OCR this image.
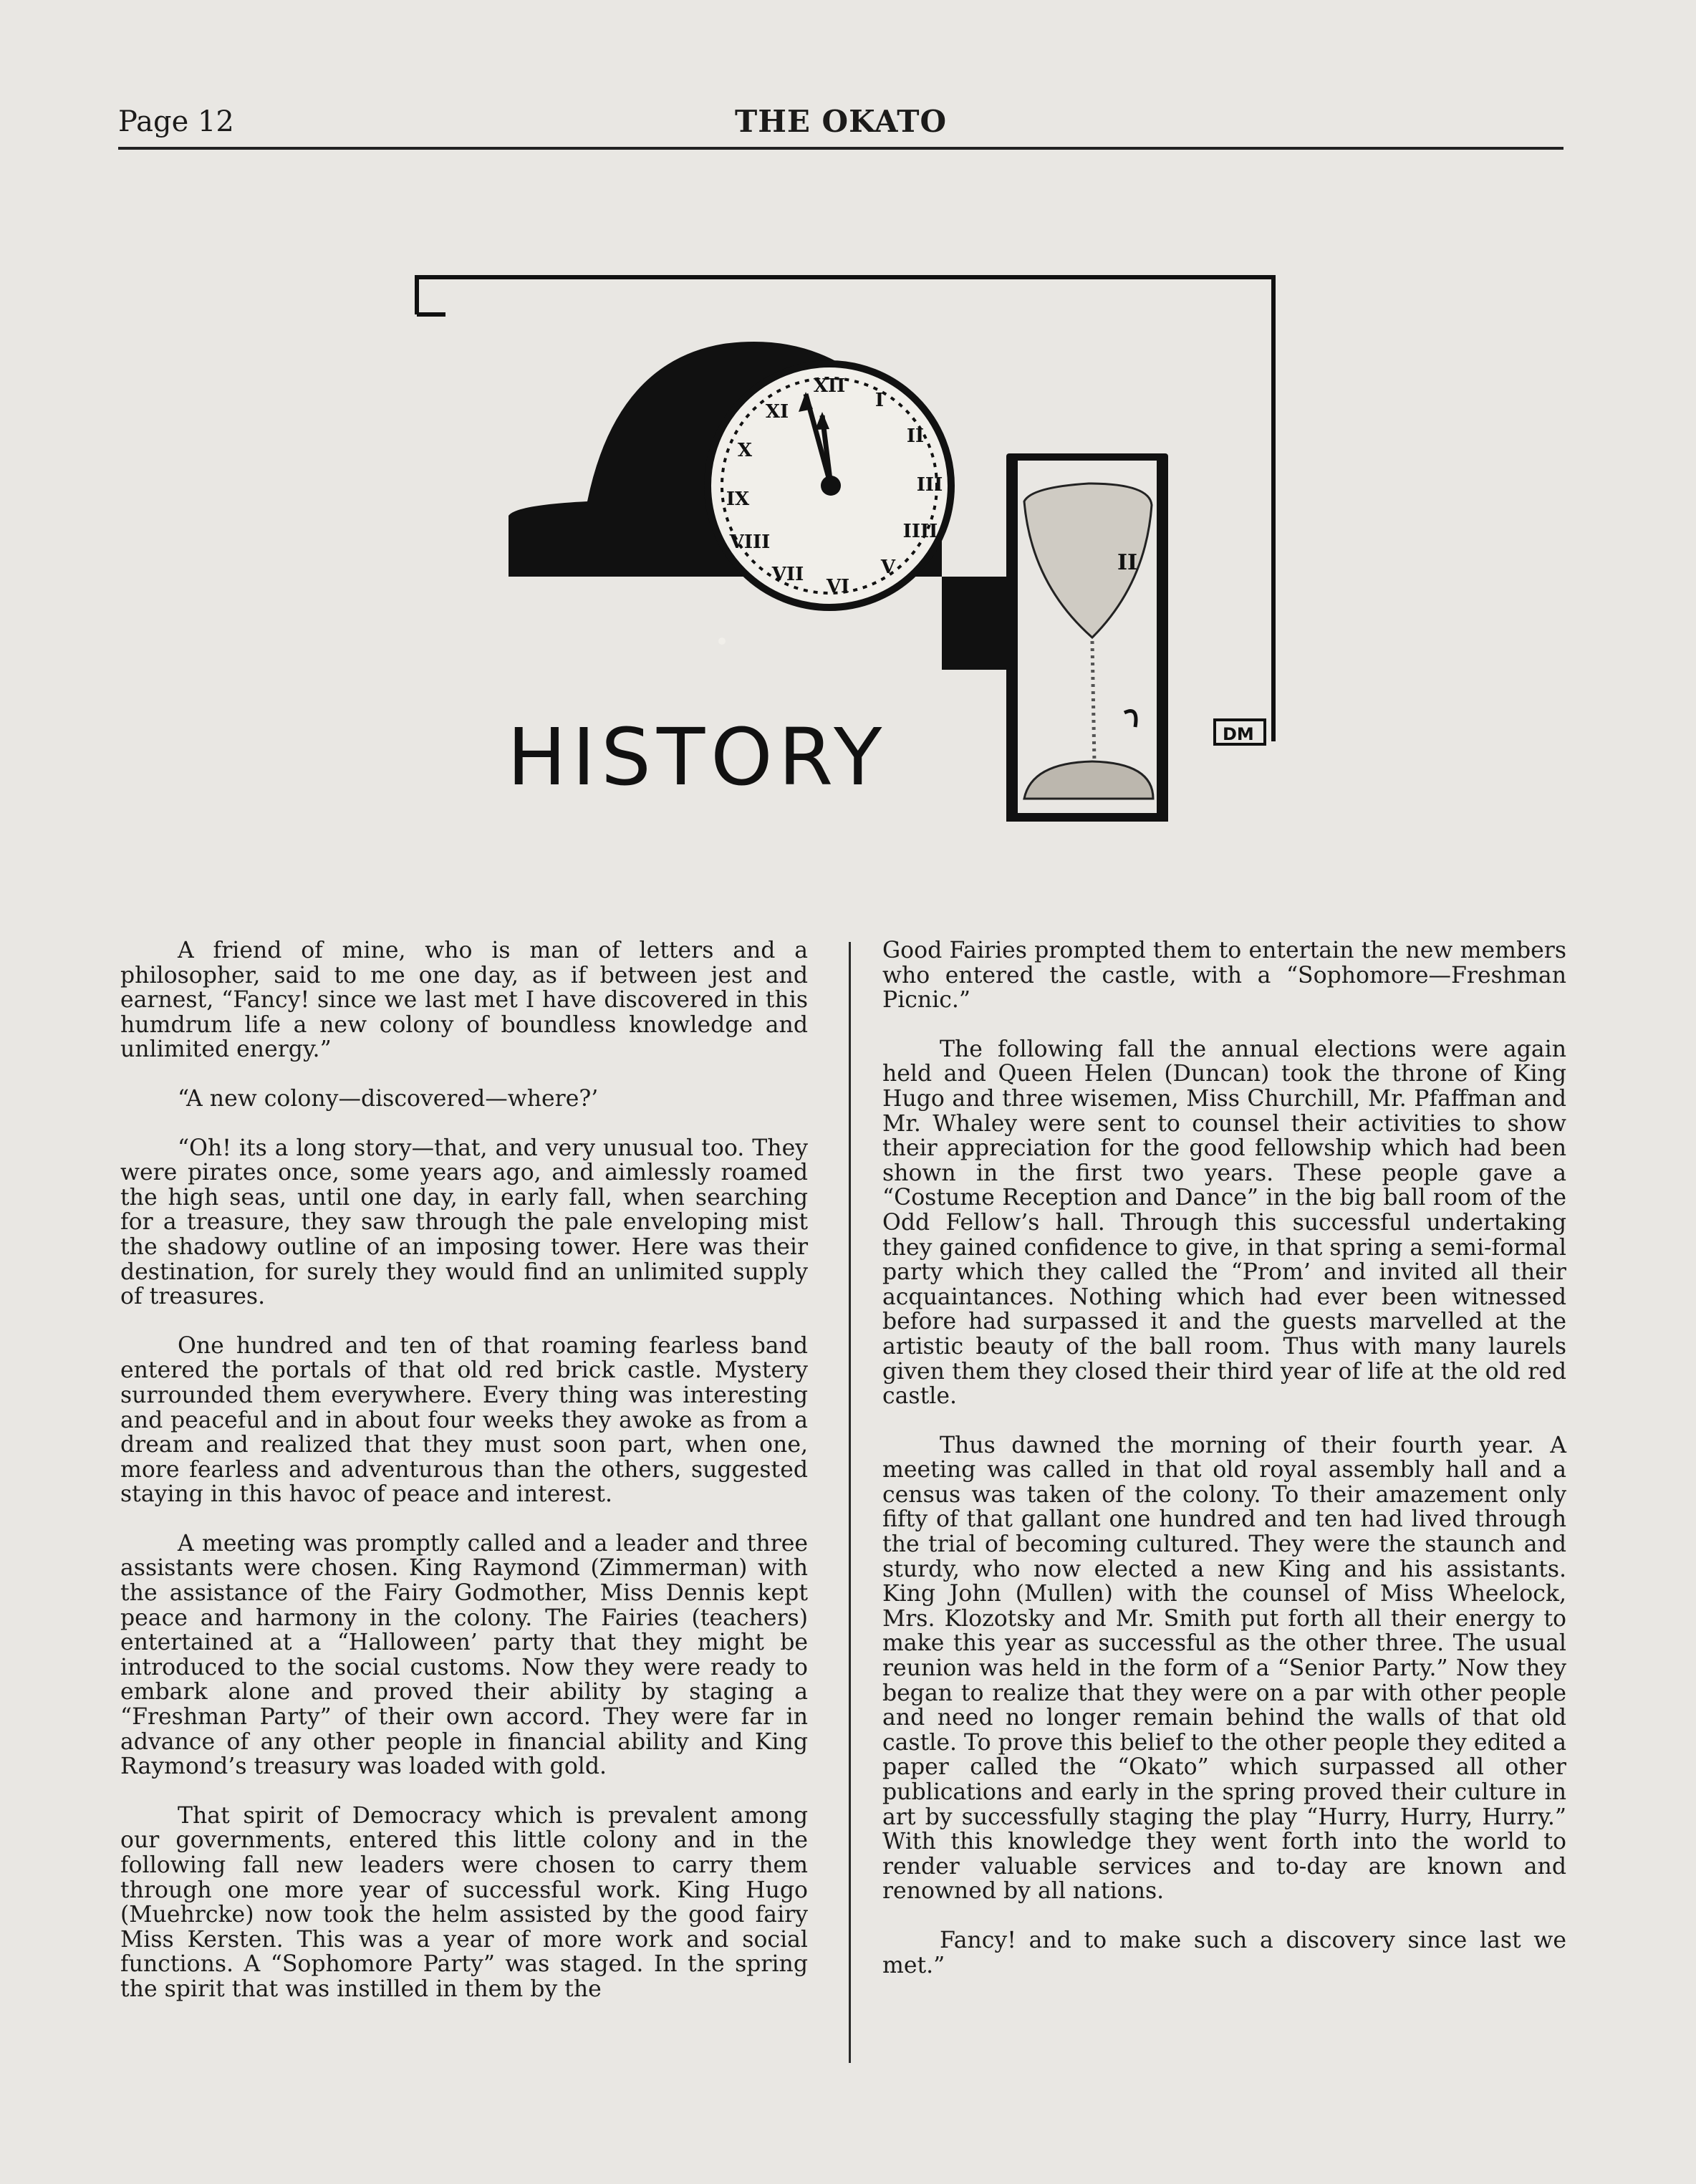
Page 12	THE OKATO
XII
I
II
III
IIII
V
VI
VII
VIII
IX
X
XI
II
HISTORY	DM

A friend of mine, who is man of letters and a philosopher, said to me one day, as if between jest and earnest, “Fancy! since we last met I have discovered in this humdrum life a new colony of boundless knowledge and unlimited energy.”

“A new colony—discovered—where?’

“Oh! its a long story—that, and very unusual too. They were pirates once, some years ago, and aimlessly roamed the high seas, until one day, in early fall, when searching for a treasure, they saw through the pale enveloping mist the shadowy outline of an imposing tower. Here was their destination, for surely they would find an unlimited supply of treasures.

One hundred and ten of that roaming fearless band entered the portals of that old red brick castle. Mystery surrounded them everywhere. Every thing was interesting and peaceful and in about four weeks they awoke as from a dream and realized that they must soon part, when one, more fearless and adventurous than the others, suggested staying in this havoc of peace and interest.

A meeting was promptly called and a leader and three assistants were chosen. King Raymond (Zimmerman) with the assistance of the Fairy Godmother, Miss Dennis kept peace and harmony in the colony. The Fairies (teachers) entertained at a “Halloween’ party that they might be introduced to the social customs. Now they were ready to embark alone and proved their ability by staging a “Freshman Party” of their own accord. They were far in advance of any other people in financial ability and King Raymond’s treasury was loaded with gold.

That spirit of Democracy which is prevalent among our governments, entered this little colony and in the following fall new leaders were chosen to carry them through one more year of successful work. King Hugo (Muehrcke) now took the helm assisted by the good fairy Miss Kersten. This was a year of more work and social functions. A “Sophomore Party” was staged. In the spring the spirit that was instilled in them by the

Good Fairies prompted them to entertain the new members who entered the castle, with a “Sophomore—Freshman Picnic.”

The following fall the annual elections were again held and Queen Helen (Duncan) took the throne of King Hugo and three wisemen, Miss Churchill, Mr. Pfaffman and Mr. Whaley were sent to counsel their activities to show their appreciation for the good fellowship which had been shown in the first two years. These people gave a “Costume Reception and Dance” in the big ball room of the Odd Fellow’s hall. Through this successful undertaking they gained confidence to give, in that spring a semi-formal party which they called the “Prom’ and invited all their acquaintances. Nothing which had ever been witnessed before had surpassed it and the guests marvelled at the artistic beauty of the ball room. Thus with many laurels given them they closed their third year of life at the old red castle.

Thus dawned the morning of their fourth year. A meeting was called in that old royal assembly hall and a census was taken of the colony. To their amazement only fifty of that gallant one hundred and ten had lived through the trial of becoming cultured. They were the staunch and sturdy, who now elected a new King and his assistants. King John (Mullen) with the counsel of Miss Wheelock, Mrs. Klozotsky and Mr. Smith put forth all their energy to make this year as successful as the other three. The usual reunion was held in the form of a “Senior Party.” Now they began to realize that they were on a par with other people and need no longer remain behind the walls of that old castle. To prove this belief to the other people they edited a paper called the “Okato” which surpassed all other publications and early in the spring proved their culture in art by successfully staging the play “Hurry, Hurry, Hurry.” With this knowledge they went forth into the world to render valuable services and to-day are known and renowned by all nations.

Fancy! and to make such a discovery since last we met.”
